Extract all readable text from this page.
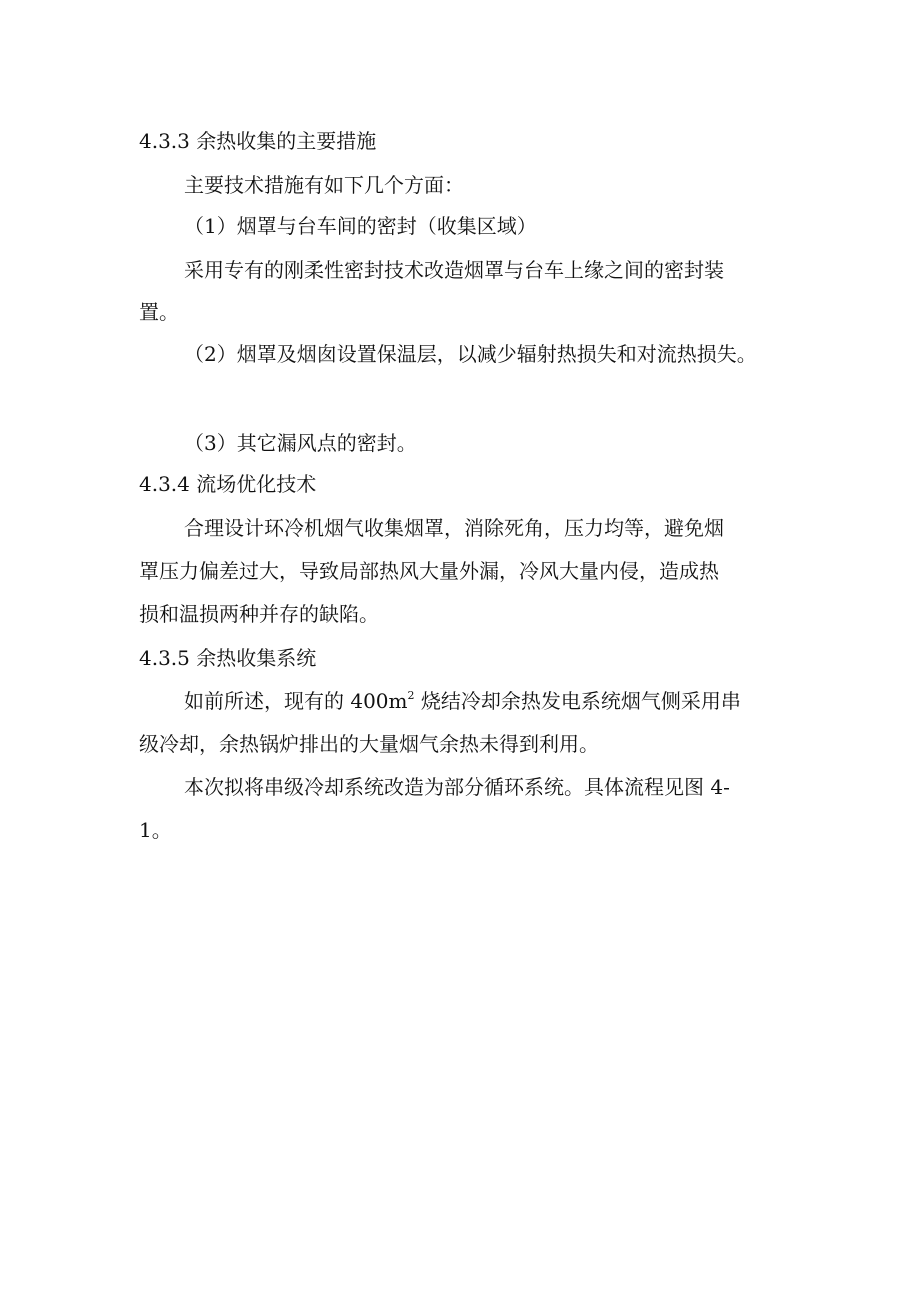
4.3.3 余热收集的主要措施
主要技术措施有如下几个方面：
（1）烟罩与台车间的密封（收集区域）
采用专有的刚柔性密封技术改造烟罩与台车上缘之间的密封装
置。
（2）烟罩及烟囱设置保温层，以减少辐射热损失和对流热损失。
（3）其它漏风点的密封。
4.3.4 流场优化技术
合理设计环冷机烟气收集烟罩，消除死角，压力均等，避免烟
罩压力偏差过大，导致局部热风大量外漏，冷风大量内侵，造成热
损和温损两种并存的缺陷。
4.3.5 余热收集系统
如前所述，现有的 $400m^2$ 烧结冷却余热发电系统烟气侧采用串
级冷却，余热锅炉排出的大量烟气余热未得到利用。
本次拟将串级冷却系统改造为部分循环系统。具体流程见图 4-
1。
